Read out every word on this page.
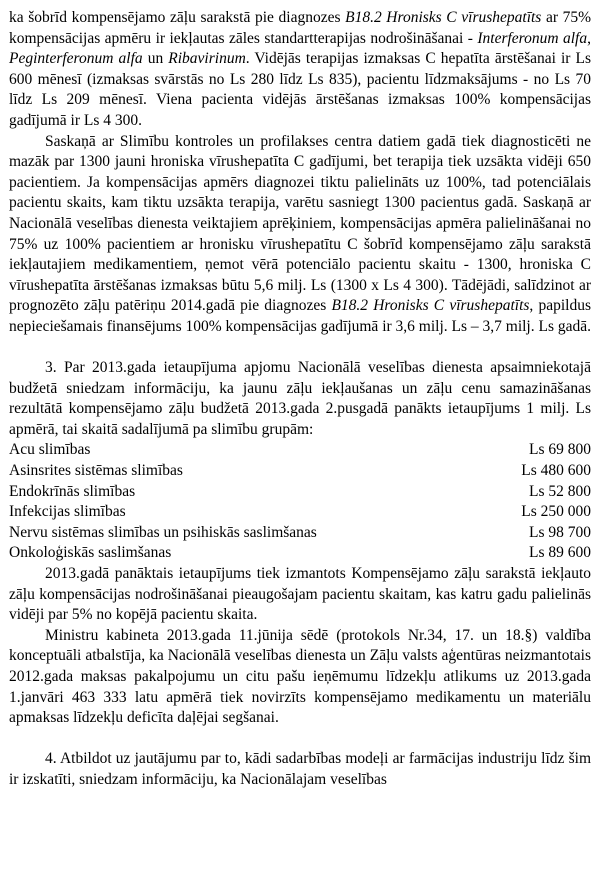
ka šobrīd kompensējamo zāļu sarakstā pie diagnozes B18.2 Hronisks C vīrushepatīts ar 75% kompensācijas apmēru ir iekļautas zāles standartterapijas nodrošināšanai - Interferonum alfa, Peginterferonum alfa un Ribavirinum. Vidējās terapijas izmaksas C hepatīta ārstēšanai ir Ls 600 mēnesī (izmaksas svārstās no Ls 280 līdz Ls 835), pacientu līdzmaksājums - no Ls 70 līdz Ls 209 mēnesī. Viena pacienta vidējās ārstēšanas izmaksas 100% kompensācijas gadījumā ir Ls 4 300.

Saskaņā ar Slimību kontroles un profilakses centra datiem gadā tiek diagnosticēti ne mazāk par 1300 jauni hroniska vīrushepatīta C gadījumi, bet terapija tiek uzsākta vidēji 650 pacientiem. Ja kompensācijas apmērs diagnozei tiktu palielināts uz 100%, tad potenciālais pacientu skaits, kam tiktu uzsākta terapija, varētu sasniegt 1300 pacientus gadā. Saskaņā ar Nacionālā veselības dienesta veiktajiem aprēķiniem, kompensācijas apmēra palielināšanai no 75% uz 100% pacientiem ar hronisku vīrushepatītu C šobrīd kompensējamo zāļu sarakstā iekļautajiem medikamentiem, ņemot vērā potenciālo pacientu skaitu - 1300, hroniska C vīrushepatīta ārstēšanas izmaksas būtu 5,6 milj. Ls (1300 x Ls 4 300). Tādējādi, salīdzinot ar prognozēto zāļu patēriņu 2014.gadā pie diagnozes B18.2 Hronisks C vīrushepatīts, papildus nepieciešamais finansējums 100% kompensācijas gadījumā ir 3,6 milj. Ls – 3,7 milj. Ls gadā.

3. Par 2013.gada ietaupījuma apjomu Nacionālā veselības dienesta apsaimniekotajā budžetā sniedzam informāciju, ka jaunu zāļu iekļaušanas un zāļu cenu samazināšanas rezultātā kompensējamo zāļu budžetā 2013.gada 2.pusgadā panākts ietaupījums 1 milj. Ls apmērā, tai skaitā sadalījumā pa slimību grupām:

Acu slimības	Ls 69 800
Asinsrites sistēmas slimības	Ls 480 600
Endokrīnās slimības	Ls 52 800
Infekcijas slimības	Ls 250 000
Nervu sistēmas slimības un psihiskās saslimšanas	Ls 98 700
Onkoloģiskās saslimšanas	Ls 89 600

2013.gadā panāktais ietaupījums tiek izmantots Kompensējamo zāļu sarakstā iekļauto zāļu kompensācijas nodrošināšanai pieaugošajam pacientu skaitam, kas katru gadu palielinās vidēji par 5% no kopējā pacientu skaita.

Ministru kabineta 2013.gada 11.jūnija sēdē (protokols Nr.34, 17. un 18.§) valdība konceptuāli atbalstīja, ka Nacionālā veselības dienesta un Zāļu valsts aģentūras neizmantotais 2012.gada maksas pakalpojumu un citu pašu ieņēmumu līdzekļu atlikums uz 2013.gada 1.janvāri 463 333 latu apmērā tiek novirzīts kompensējamo medikamentu un materiālu apmaksas līdzekļu deficīta daļējai segšanai.

4. Atbildot uz jautājumu par to, kādi sadarbības modeļi ar farmācijas industriju līdz šim ir izskatīti, sniedzam informāciju, ka Nacionālajam veselības
